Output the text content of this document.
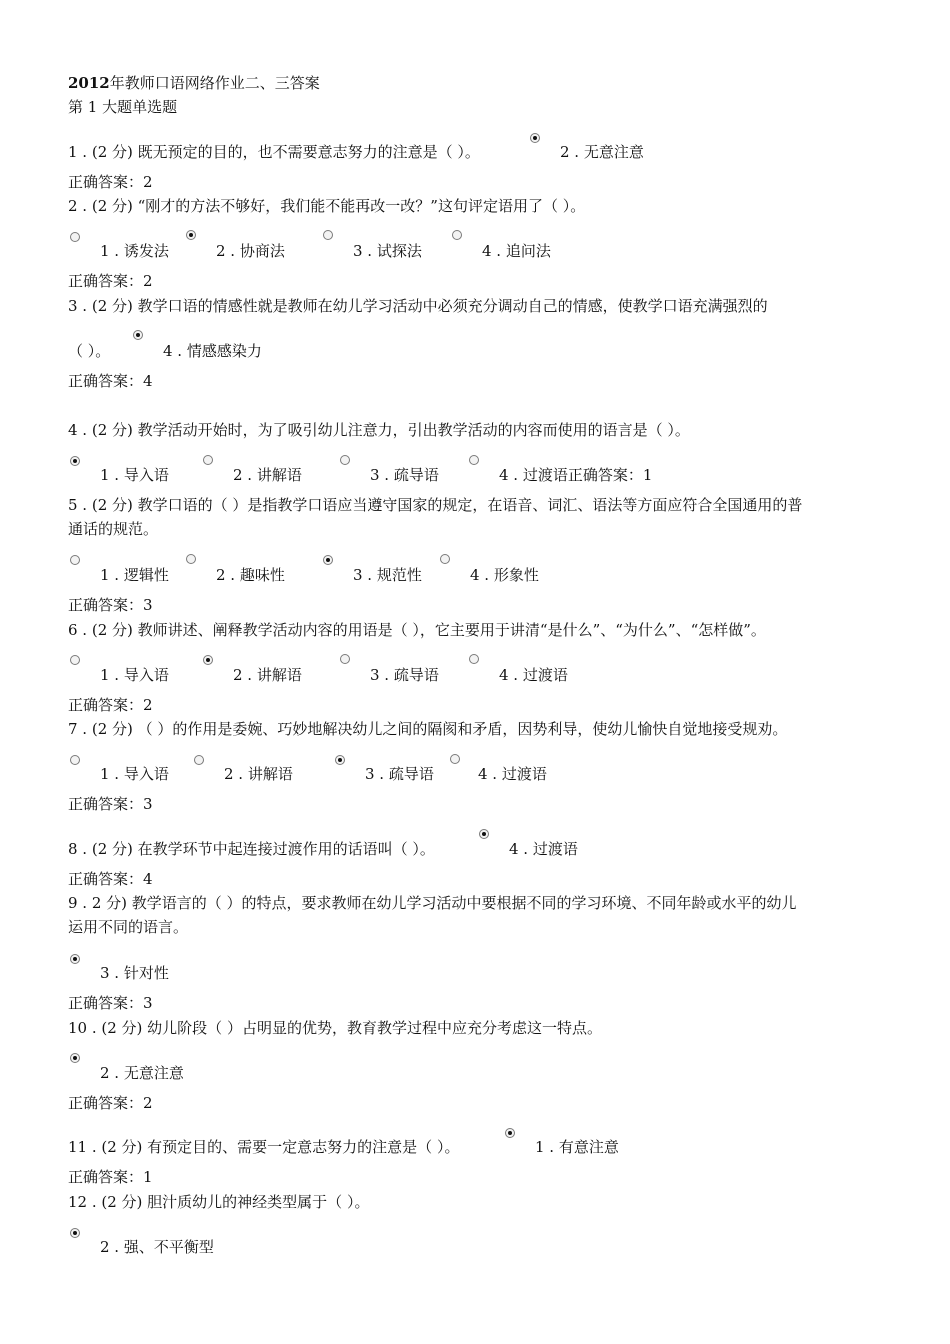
2012年教师口语网络作业二、三答案
第 1 大题单选题
1 . (2 分) 既无预定的目的，也不需要意志努力的注意是（ ）。	2 . 无意注意
正确答案：2
2 . (2 分) “刚才的方法不够好，我们能不能再改一改？”这句评定语用了（ ）。
1 . 诱发法	2 . 协商法	3 . 试探法	4 . 追问法
正确答案：2
3 . (2 分) 教学口语的情感性就是教师在幼儿学习活动中必须充分调动自己的情感，使教学口语充满强烈的
（ ）。	4 . 情感感染力
正确答案：4
4 . (2 分) 教学活动开始时，为了吸引幼儿注意力，引出教学活动的内容而使用的语言是（ ）。
1 . 导入语	2 . 讲解语	3 . 疏导语	4 . 过渡语正确答案：1
5 . (2 分) 教学口语的（ ）是指教学口语应当遵守国家的规定，在语音、词汇、语法等方面应符合全国通用的普
通话的规范。
1 . 逻辑性	2 . 趣味性	3 . 规范性	4 . 形象性
正确答案：3
6 . (2 分) 教师讲述、阐释教学活动内容的用语是（ ），它主要用于讲清“是什么”、“为什么”、“怎样做”。
1 . 导入语	2 . 讲解语	3 . 疏导语	4 . 过渡语
正确答案：2
7 . (2 分) （ ）的作用是委婉、巧妙地解决幼儿之间的隔阂和矛盾，因势利导，使幼儿愉快自觉地接受规劝。
1 . 导入语	2 . 讲解语	3 . 疏导语	4 . 过渡语
正确答案：3
8 . (2 分) 在教学环节中起连接过渡作用的话语叫（ ）。	4 . 过渡语
正确答案：4
9 . 2 分) 教学语言的（ ）的特点，要求教师在幼儿学习活动中要根据不同的学习环境、不同年龄或水平的幼儿
运用不同的语言。
3 . 针对性
正确答案：3
10 . (2 分) 幼儿阶段（ ）占明显的优势，教育教学过程中应充分考虑这一特点。
2 . 无意注意
正确答案：2
11 . (2 分) 有预定目的、需要一定意志努力的注意是（ ）。	1 . 有意注意
正确答案：1
12 . (2 分) 胆汁质幼儿的神经类型属于（ ）。
2 . 强、不平衡型
